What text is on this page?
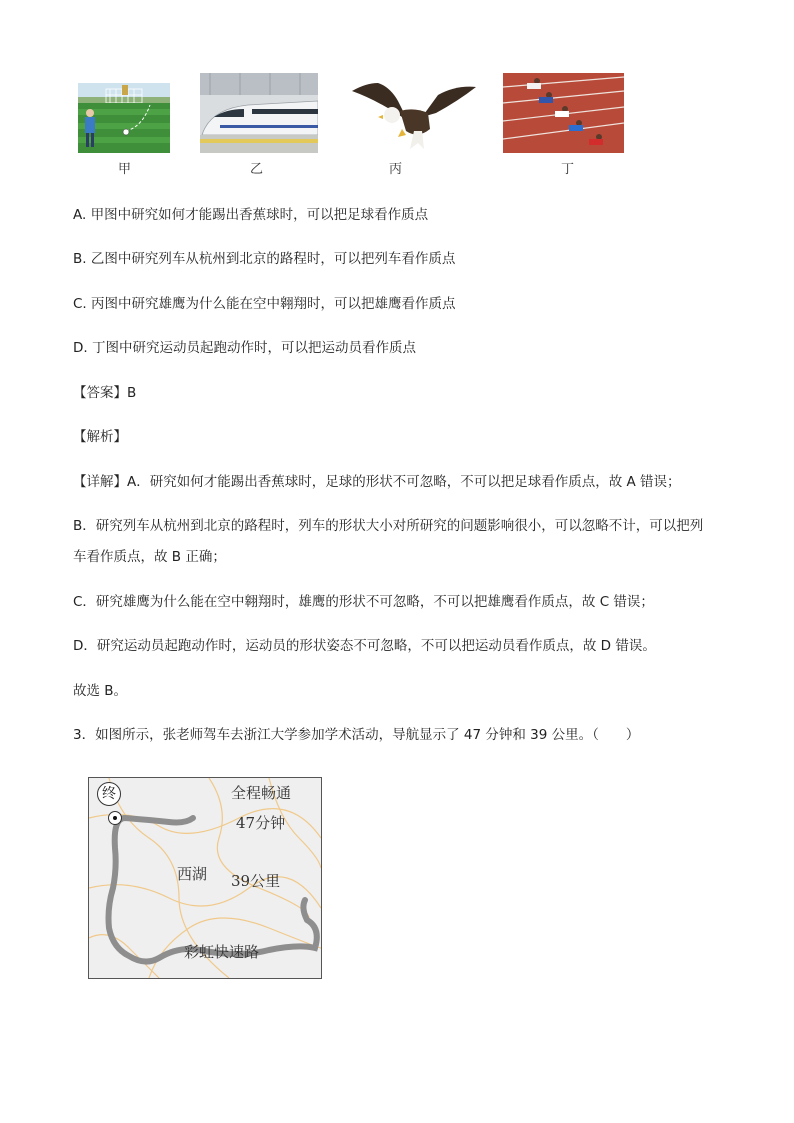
甲	乙	丙	丁
A. 甲图中研究如何才能踢出香蕉球时，可以把足球看作质点
B. 乙图中研究列车从杭州到北京的路程时，可以把列车看作质点
C. 丙图中研究雄鹰为什么能在空中翱翔时，可以把雄鹰看作质点
D. 丁图中研究运动员起跑动作时，可以把运动员看作质点
【答案】B
【解析】
【详解】A．研究如何才能踢出香蕉球时，足球的形状不可忽略，不可以把足球看作质点，故 A 错误；
B．研究列车从杭州到北京的路程时，列车的形状大小对所研究的问题影响很小，可以忽略不计，可以把列
车看作质点，故 B 正确；
C．研究雄鹰为什么能在空中翱翔时，雄鹰的形状不可忽略，不可以把雄鹰看作质点，故 C 错误；
D．研究运动员起跑动作时，运动员的形状姿态不可忽略，不可以把运动员看作质点，故 D 错误。
故选 B。
3．如图所示，张老师驾车去浙江大学参加学术活动，导航显示了 47 分钟和 39 公里。（　　）
终	全程畅通
47分钟
西湖 39公里
彩虹快速路
